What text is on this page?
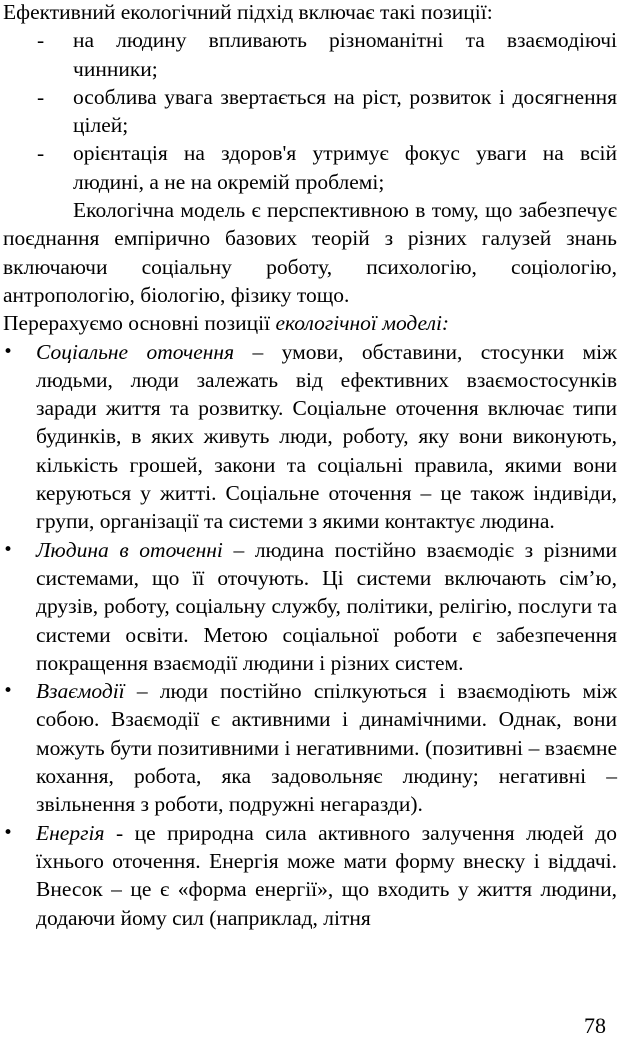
Ефективний екологічний підхід включає такі позиції:

- на людину впливають різноманітні та взаємодіючі чинники;
- особлива увага звертається на ріст, розвиток і досягнення цілей;
- орієнтація на здоров'я утримує фокус уваги на всій людині, а не на окремій проблемі;

Екологічна модель є перспективною в тому, що забезпечує поєднання емпірично базових теорій з різних галузей знань включаючи соціальну роботу, психологію, соціологію, антропологію, біологію, фізику тощо.

Перерахуємо основні позиції екологічної моделі:

• Соціальне оточення – умови, обставини, стосунки між людьми, люди залежать від ефективних взаємостосунків заради життя та розвитку. Соціальне оточення включає типи будинків, в яких живуть люди, роботу, яку вони виконують, кількість грошей, закони та соціальні правила, якими вони керуються у житті. Соціальне оточення – це також індивіди, групи, організації та системи з якими контактує людина.
• Людина в оточенні – людина постійно взаємодіє з різними системами, що її оточують. Ці системи включають сім’ю, друзів, роботу, соціальну службу, політики, релігію, послуги та системи освіти. Метою соціальної роботи є забезпечення покращення взаємодії людини і різних систем.
• Взаємодії – люди постійно спілкуються і взаємодіють між собою. Взаємодії є активними і динамічними. Однак, вони можуть бути позитивними і негативними. (позитивні – взаємне кохання, робота, яка задовольняє людину; негативні – звільнення з роботи, подружні негаразди).
• Енергія - це природна сила активного залучення людей до їхнього оточення. Енергія може мати форму внеску і віддачі. Внесок – це є «форма енергії», що входить у життя людини, додаючи йому сил (наприклад, літня
78
